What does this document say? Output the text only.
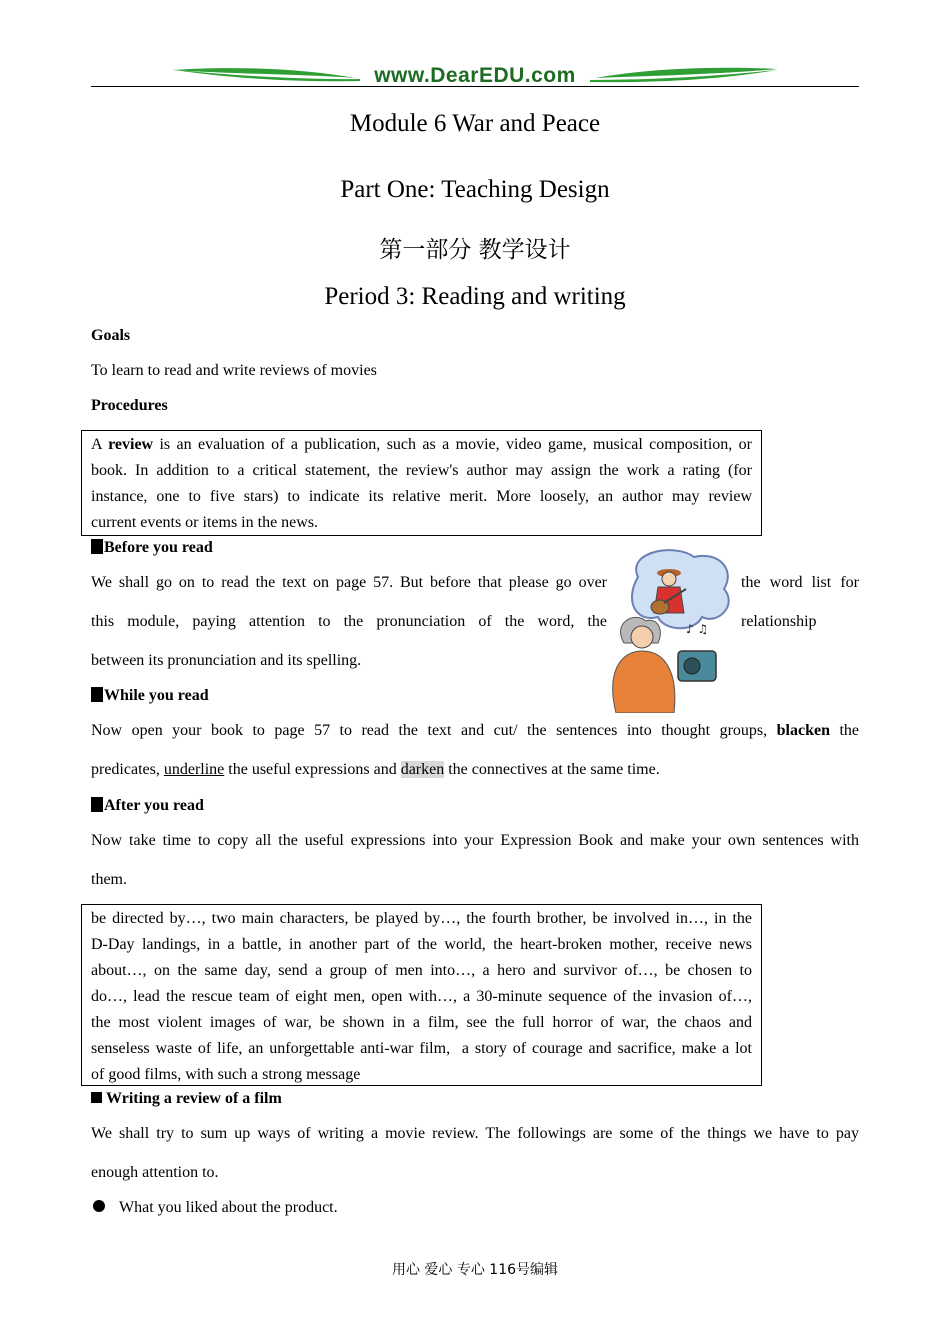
www.DearEDU.com
Module 6 War and Peace
Part One: Teaching Design
第一部分 教学设计
Period 3: Reading and writing
Goals
To learn to read and write reviews of movies
Procedures
A review is an evaluation of a publication, such as a movie, video game, musical composition, or
book. In addition to a critical statement, the review's author may assign the work a rating (for
instance, one to five stars) to indicate its relative merit. More loosely, an author may review
current events or items in the news.
Before you read
We shall go on to read the text on page 57. But before that please go over	the word list for
this module, paying attention to the pronunciation of the word, the	relationship
between its pronunciation and its spelling.
♪ ♫
While you read
Now open your book to page 57 to read the text and cut/ the sentences into thought groups, blacken the
predicates, underline the useful expressions and darken the connectives at the same time.
After you read
Now take time to copy all the useful expressions into your Expression Book and make your own sentences with
them.
be directed by…, two main characters, be played by…, the fourth brother, be involved in…, in the
D-Day landings, in a battle, in another part of the world, the heart-broken mother, receive news
about…, on the same day, send a group of men into…, a hero and survivor of…, be chosen to
do…, lead the rescue team of eight men, open with…, a 30-minute sequence of the invasion of…,
the most violent images of war, be shown in a film, see the full horror of war, the chaos and
senseless waste of life, an unforgettable anti-war film,  a story of courage and sacrifice, make a lot
of good films, with such a strong message
Writing a review of a film
We shall try to sum up ways of writing a movie review. The followings are some of the things we have to pay
enough attention to.
What you liked about the product.
用心 爱心 专心 116号编辑
